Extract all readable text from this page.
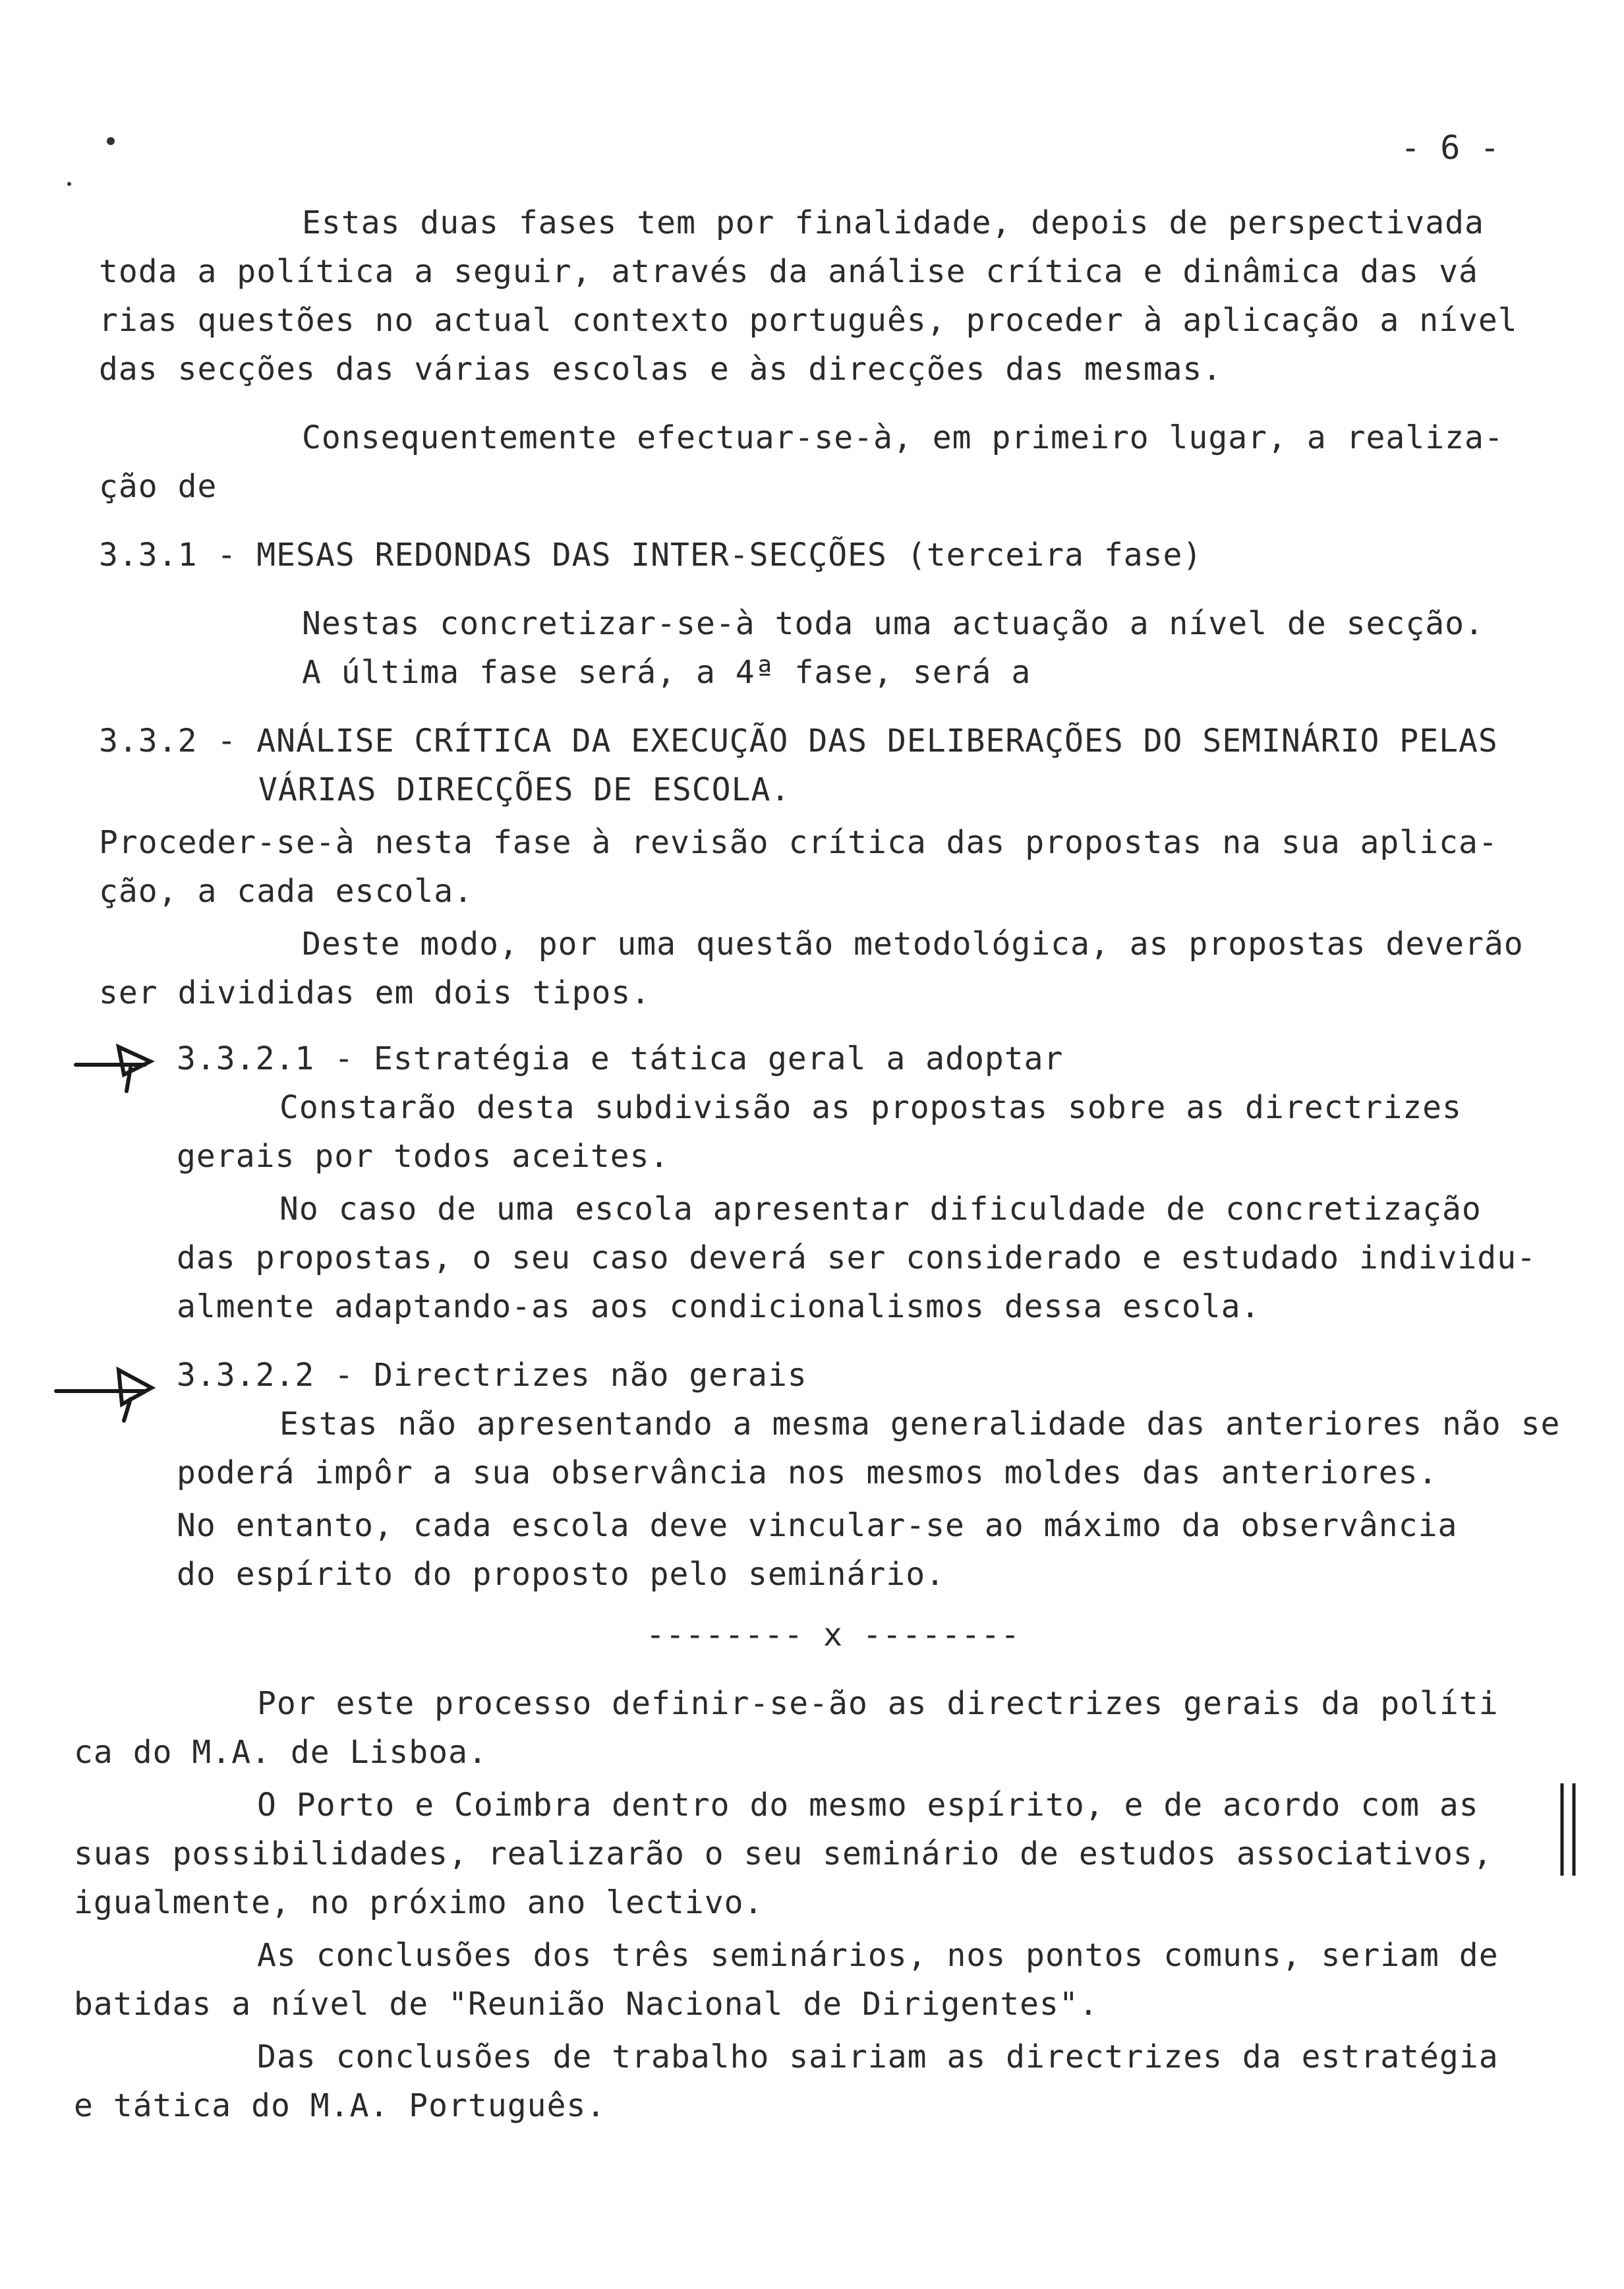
- 6 -
Estas duas fases tem por finalidade, depois de perspectivada
toda a política a seguir, através da análise crítica e dinâmica das vá
rias questões no actual contexto português, proceder à aplicação a nível
das secções das várias escolas e às direcções das mesmas.
Consequentemente efectuar-se-à, em primeiro lugar, a realiza-
ção de
3.3.1 - MESAS REDONDAS DAS INTER-SECÇÕES (terceira fase)
Nestas concretizar-se-à toda uma actuação a nível de secção.
A última fase será, a 4ª fase, será a
3.3.2 - ANÁLISE CRÍTICA DA EXECUÇÃO DAS DELIBERAÇÕES DO SEMINÁRIO PELAS
VÁRIAS DIRECÇÕES DE ESCOLA.
Proceder-se-à nesta fase à revisão crítica das propostas na sua aplica-
ção, a cada escola.
Deste modo, por uma questão metodológica, as propostas deverão
ser divididas em dois tipos.
3.3.2.1 - Estratégia e tática geral a adoptar
Constarão desta subdivisão as propostas sobre as directrizes
gerais por todos aceites.
No caso de uma escola apresentar dificuldade de concretização
das propostas, o seu caso deverá ser considerado e estudado individu-
almente adaptando-as aos condicionalismos dessa escola.
3.3.2.2 - Directrizes não gerais
Estas não apresentando a mesma generalidade das anteriores não se
poderá impôr a sua observância nos mesmos moldes das anteriores.
No entanto, cada escola deve vincular-se ao máximo da observância
do espírito do proposto pelo seminário.
-------- x --------
Por este processo definir-se-ão as directrizes gerais da políti
ca do M.A. de Lisboa.
O Porto e Coimbra dentro do mesmo espírito, e de acordo com as
suas possibilidades, realizarão o seu seminário de estudos associativos,
igualmente, no próximo ano lectivo.
As conclusões dos três seminários, nos pontos comuns, seriam de
batidas a nível de "Reunião Nacional de Dirigentes".
Das conclusões de trabalho sairiam as directrizes da estratégia
e tática do M.A. Português.
